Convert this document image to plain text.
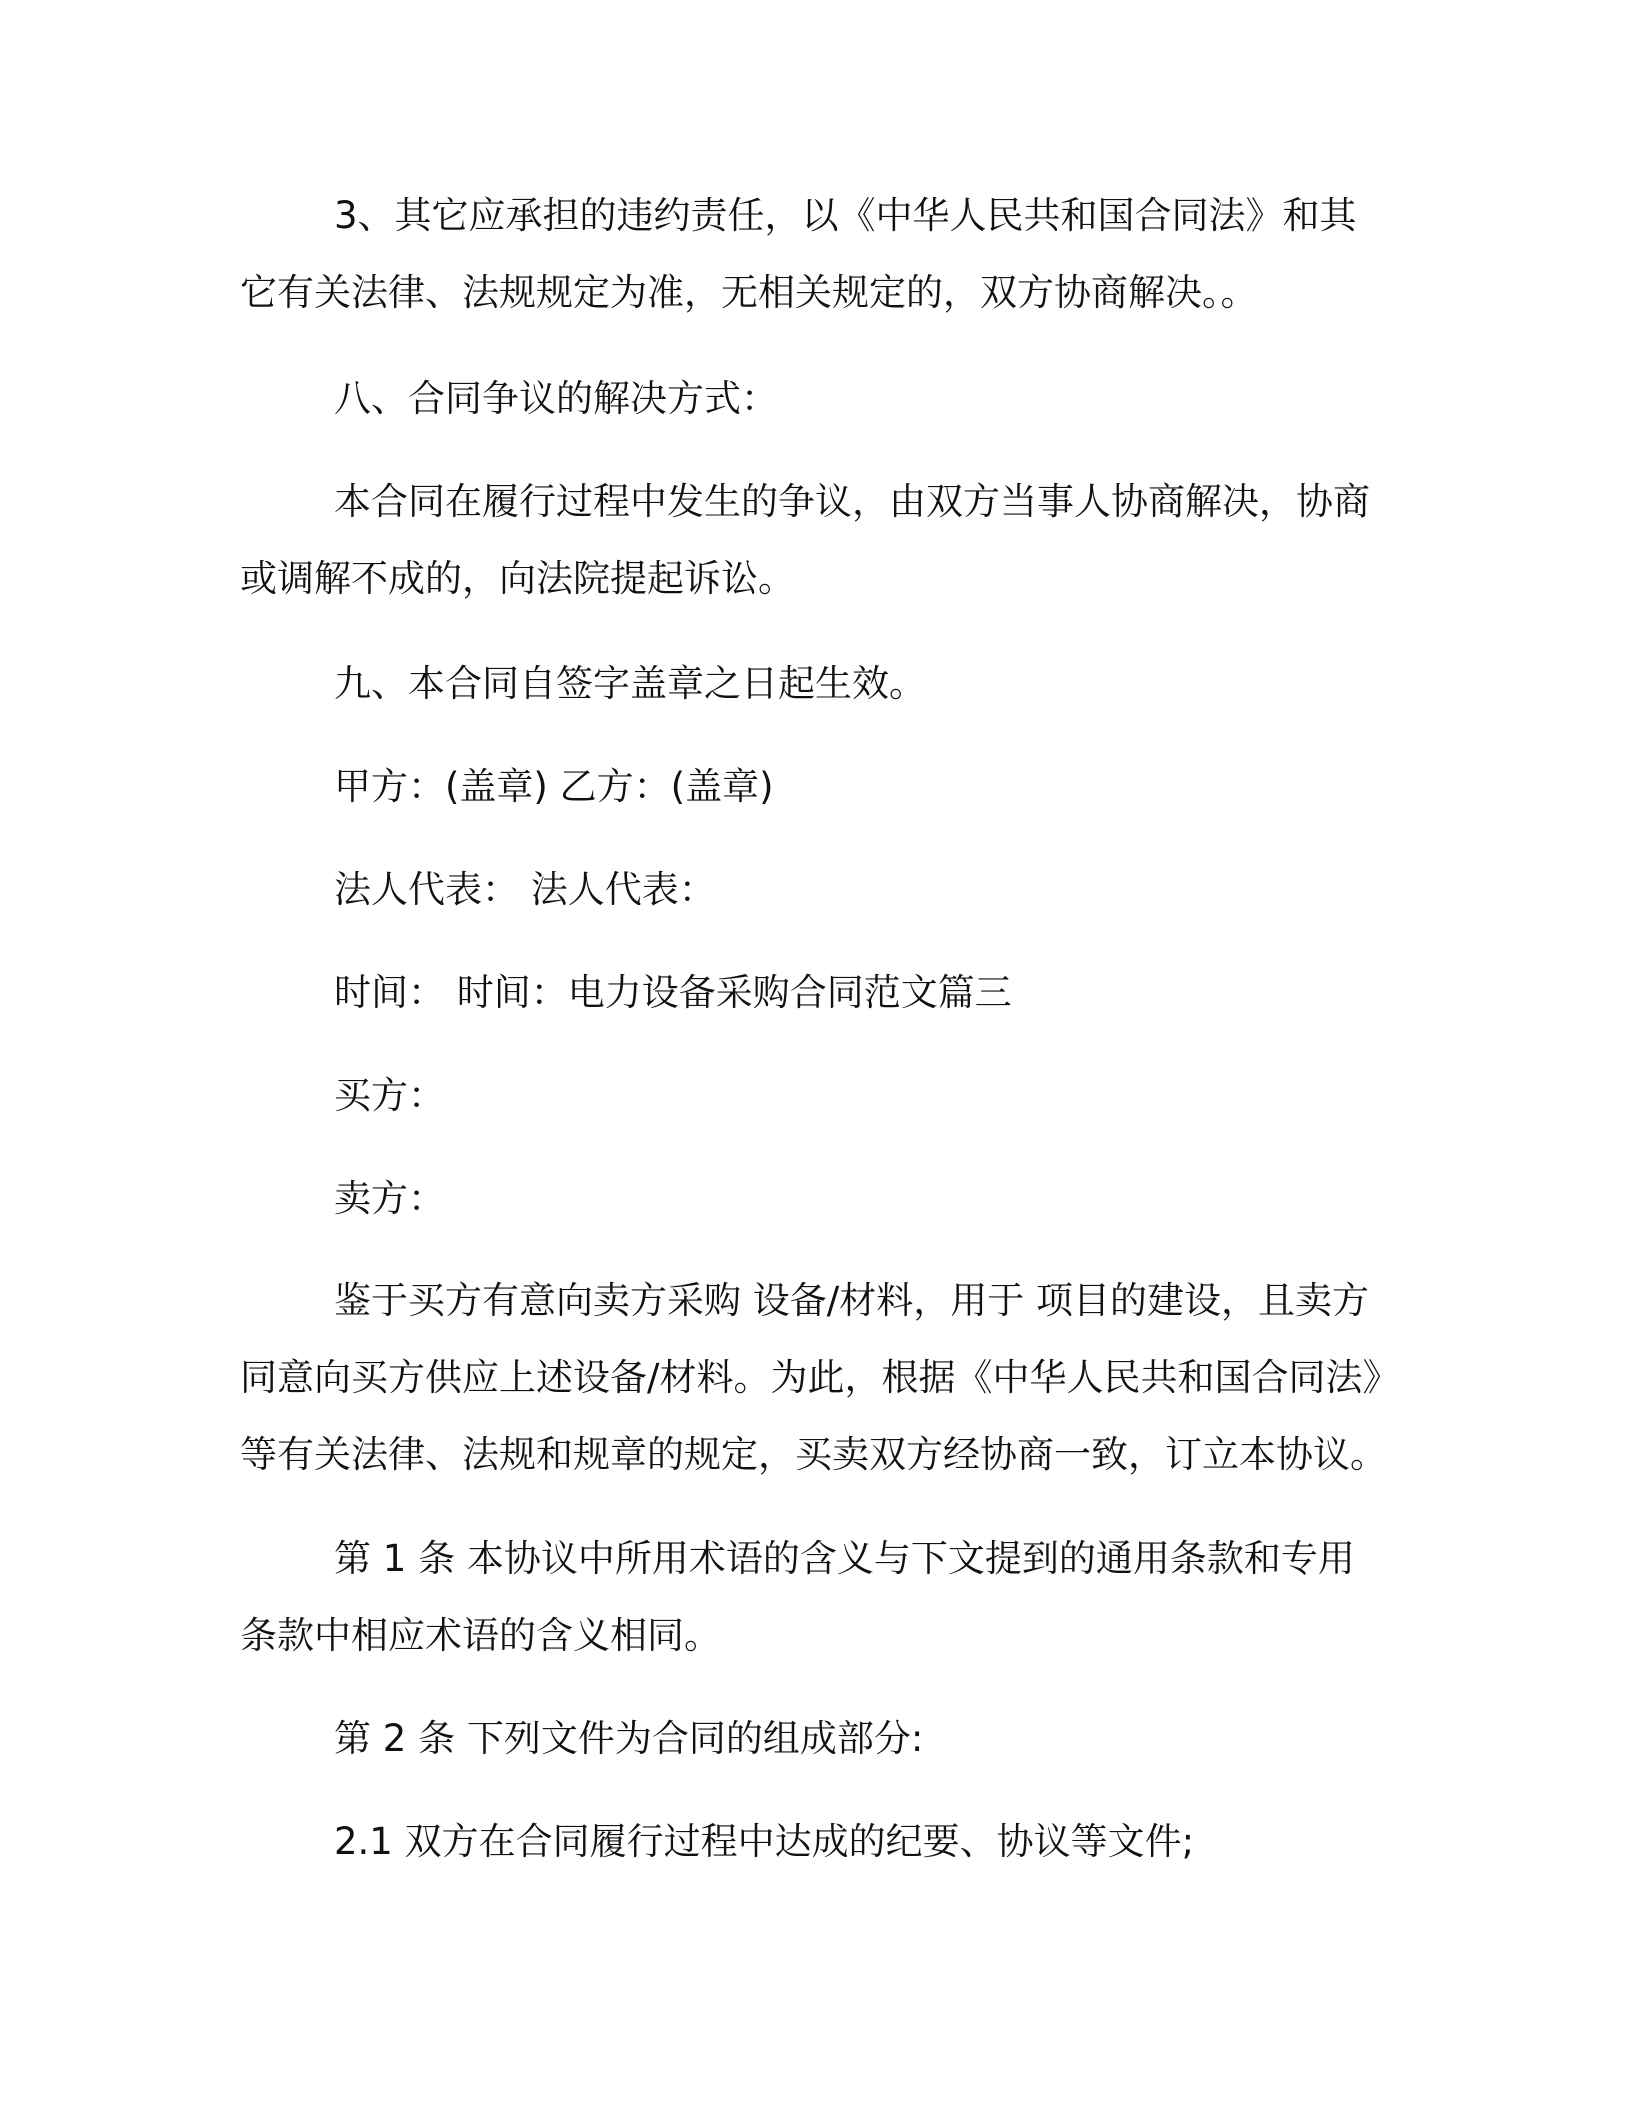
3、其它应承担的违约责任，以《中华人民共和国合同法》和其
它有关法律、法规规定为准，无相关规定的，双方协商解决。。

八、合同争议的解决方式：

本合同在履行过程中发生的争议，由双方当事人协商解决，协商
或调解不成的，向法院提起诉讼。

九、本合同自签字盖章之日起生效。

甲方：(盖章) 乙方：(盖章)

法人代表： 法人代表：

时间： 时间：电力设备采购合同范文篇三

买方：

卖方：

鉴于买方有意向卖方采购 设备/材料，用于 项目的建设，且卖方
同意向买方供应上述设备/材料。为此，根据《中华人民共和国合同法》
等有关法律、法规和规章的规定，买卖双方经协商一致，订立本协议。

第 1 条 本协议中所用术语的含义与下文提到的通用条款和专用
条款中相应术语的含义相同。

第 2 条 下列文件为合同的组成部分:

2.1 双方在合同履行过程中达成的纪要、协议等文件;
